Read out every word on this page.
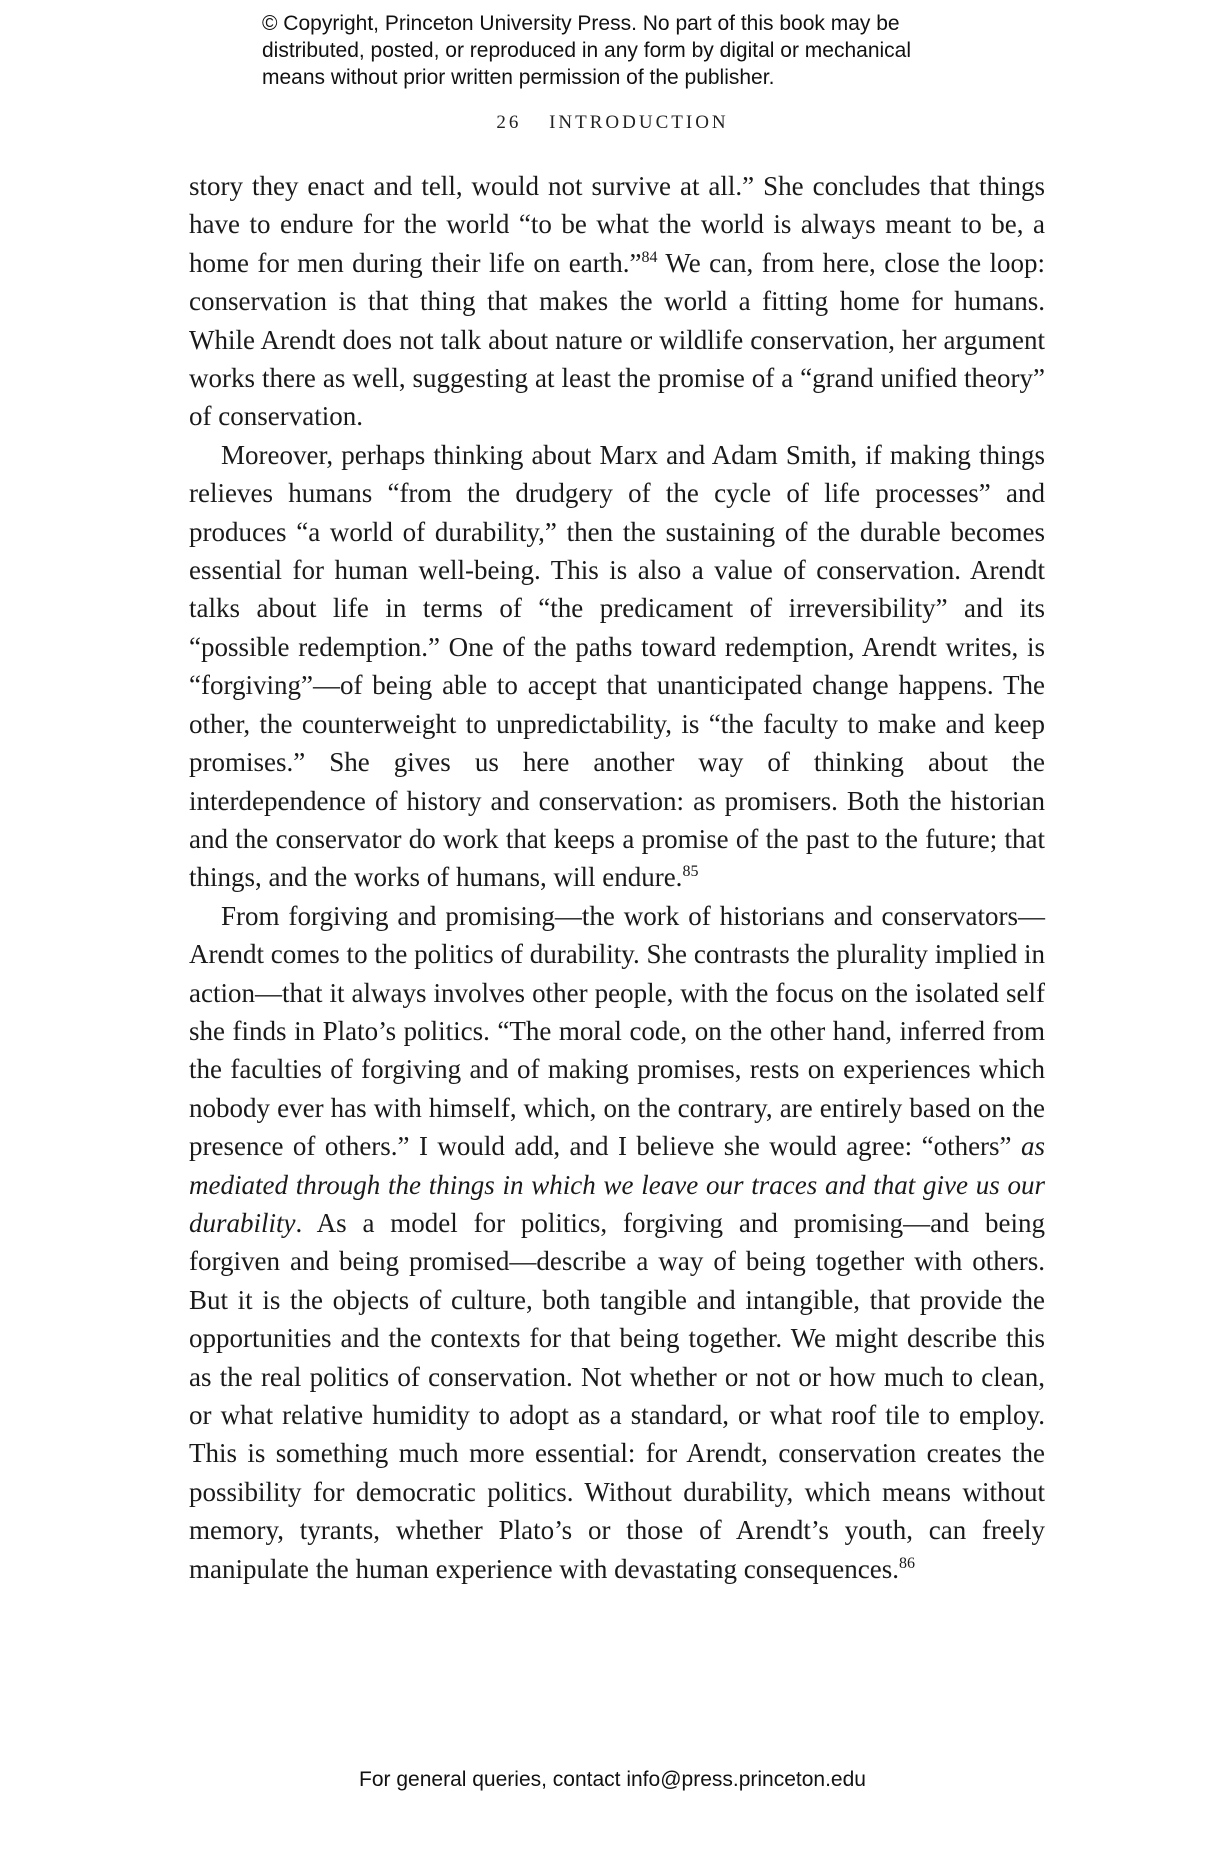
© Copyright, Princeton University Press. No part of this book may be
distributed, posted, or reproduced in any form by digital or mechanical
means without prior written permission of the publisher.
26 INTRODUCTION

story they enact and tell, would not survive at all.” She concludes that things have to endure for the world “to be what the world is always meant to be, a home for men during their life on earth.”$^{84}$ We can, from here, close the loop: conservation is that thing that makes the world a fitting home for humans. While Arendt does not talk about nature or wildlife conservation, her argument works there as well, suggesting at least the promise of a “grand unified theory” of conservation.

Moreover, perhaps thinking about Marx and Adam Smith, if making things relieves humans “from the drudgery of the cycle of life processes” and produces “a world of durability,” then the sustaining of the durable becomes essential for human well-being. This is also a value of conservation. Arendt talks about life in terms of “the predicament of irreversibility” and its “possible redemption.” One of the paths toward redemption, Arendt writes, is “forgiving”—of being able to accept that unanticipated change happens. The other, the counterweight to unpredictability, is “the faculty to make and keep promises.” She gives us here another way of thinking about the interdependence of history and conservation: as promisers. Both the historian and the conservator do work that keeps a promise of the past to the future; that things, and the works of humans, will endure.$^{85}$

From forgiving and promising—the work of historians and conservators—Arendt comes to the politics of durability. She contrasts the plurality implied in action—that it always involves other people, with the focus on the isolated self she finds in Plato’s politics. “The moral code, on the other hand, inferred from the faculties of forgiving and of making promises, rests on experiences which nobody ever has with himself, which, on the contrary, are entirely based on the presence of others.” I would add, and I believe she would agree: “others” as mediated through the things in which we leave our traces and that give us our durability. As a model for politics, forgiving and promising—and being forgiven and being promised—describe a way of being together with others. But it is the objects of culture, both tangible and intangible, that provide the opportunities and the contexts for that being together. We might describe this as the real politics of conservation. Not whether or not or how much to clean, or what relative humidity to adopt as a standard, or what roof tile to employ. This is something much more essential: for Arendt, conservation creates the possibility for democratic politics. Without durability, which means without memory, tyrants, whether Plato’s or those of Arendt’s youth, can freely manipulate the human experience with devastating consequences.$^{86}$

For general queries, contact info@press.princeton.edu
